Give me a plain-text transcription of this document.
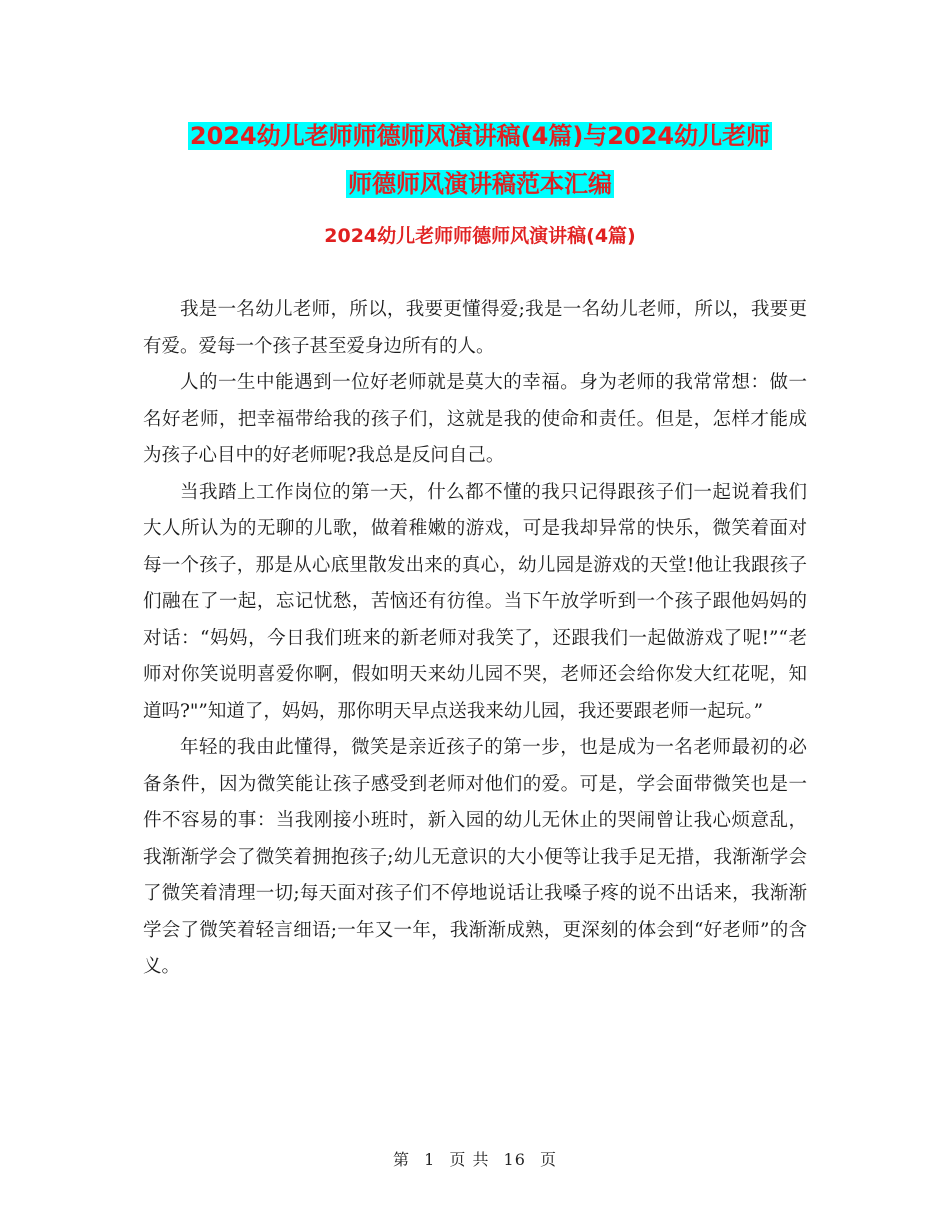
2024幼儿老师师德师风演讲稿(4篇)与2024幼儿老师
师德师风演讲稿范本汇编
2024幼儿老师师德师风演讲稿(4篇)

我是一名幼儿老师，所以，我要更懂得爱;我是一名幼儿老师，所以，我要更有爱。爱每一个孩子甚至爱身边所有的人。

人的一生中能遇到一位好老师就是莫大的幸福。身为老师的我常常想：做一名好老师，把幸福带给我的孩子们，这就是我的使命和责任。但是，怎样才能成为孩子心目中的好老师呢?我总是反问自己。

当我踏上工作岗位的第一天，什么都不懂的我只记得跟孩子们一起说着我们大人所认为的无聊的儿歌，做着稚嫩的游戏，可是我却异常的快乐，微笑着面对每一个孩子，那是从心底里散发出来的真心，幼儿园是游戏的天堂!他让我跟孩子们融在了一起，忘记忧愁，苦恼还有彷徨。当下午放学听到一个孩子跟他妈妈的对话：“妈妈，今日我们班来的新老师对我笑了，还跟我们一起做游戏了呢!”“老师对你笑说明喜爱你啊，假如明天来幼儿园不哭，老师还会给你发大红花呢，知道吗?"”知道了，妈妈，那你明天早点送我来幼儿园，我还要跟老师一起玩。”

年轻的我由此懂得，微笑是亲近孩子的第一步，也是成为一名老师最初的必备条件，因为微笑能让孩子感受到老师对他们的爱。可是，学会面带微笑也是一件不容易的事：当我刚接小班时，新入园的幼儿无休止的哭闹曾让我心烦意乱，我渐渐学会了微笑着拥抱孩子;幼儿无意识的大小便等让我手足无措，我渐渐学会了微笑着清理一切;每天面对孩子们不停地说话让我嗓子疼的说不出话来，我渐渐学会了微笑着轻言细语;一年又一年，我渐渐成熟，更深刻的体会到“好老师”的含义。

第 1 页 共 16 页
